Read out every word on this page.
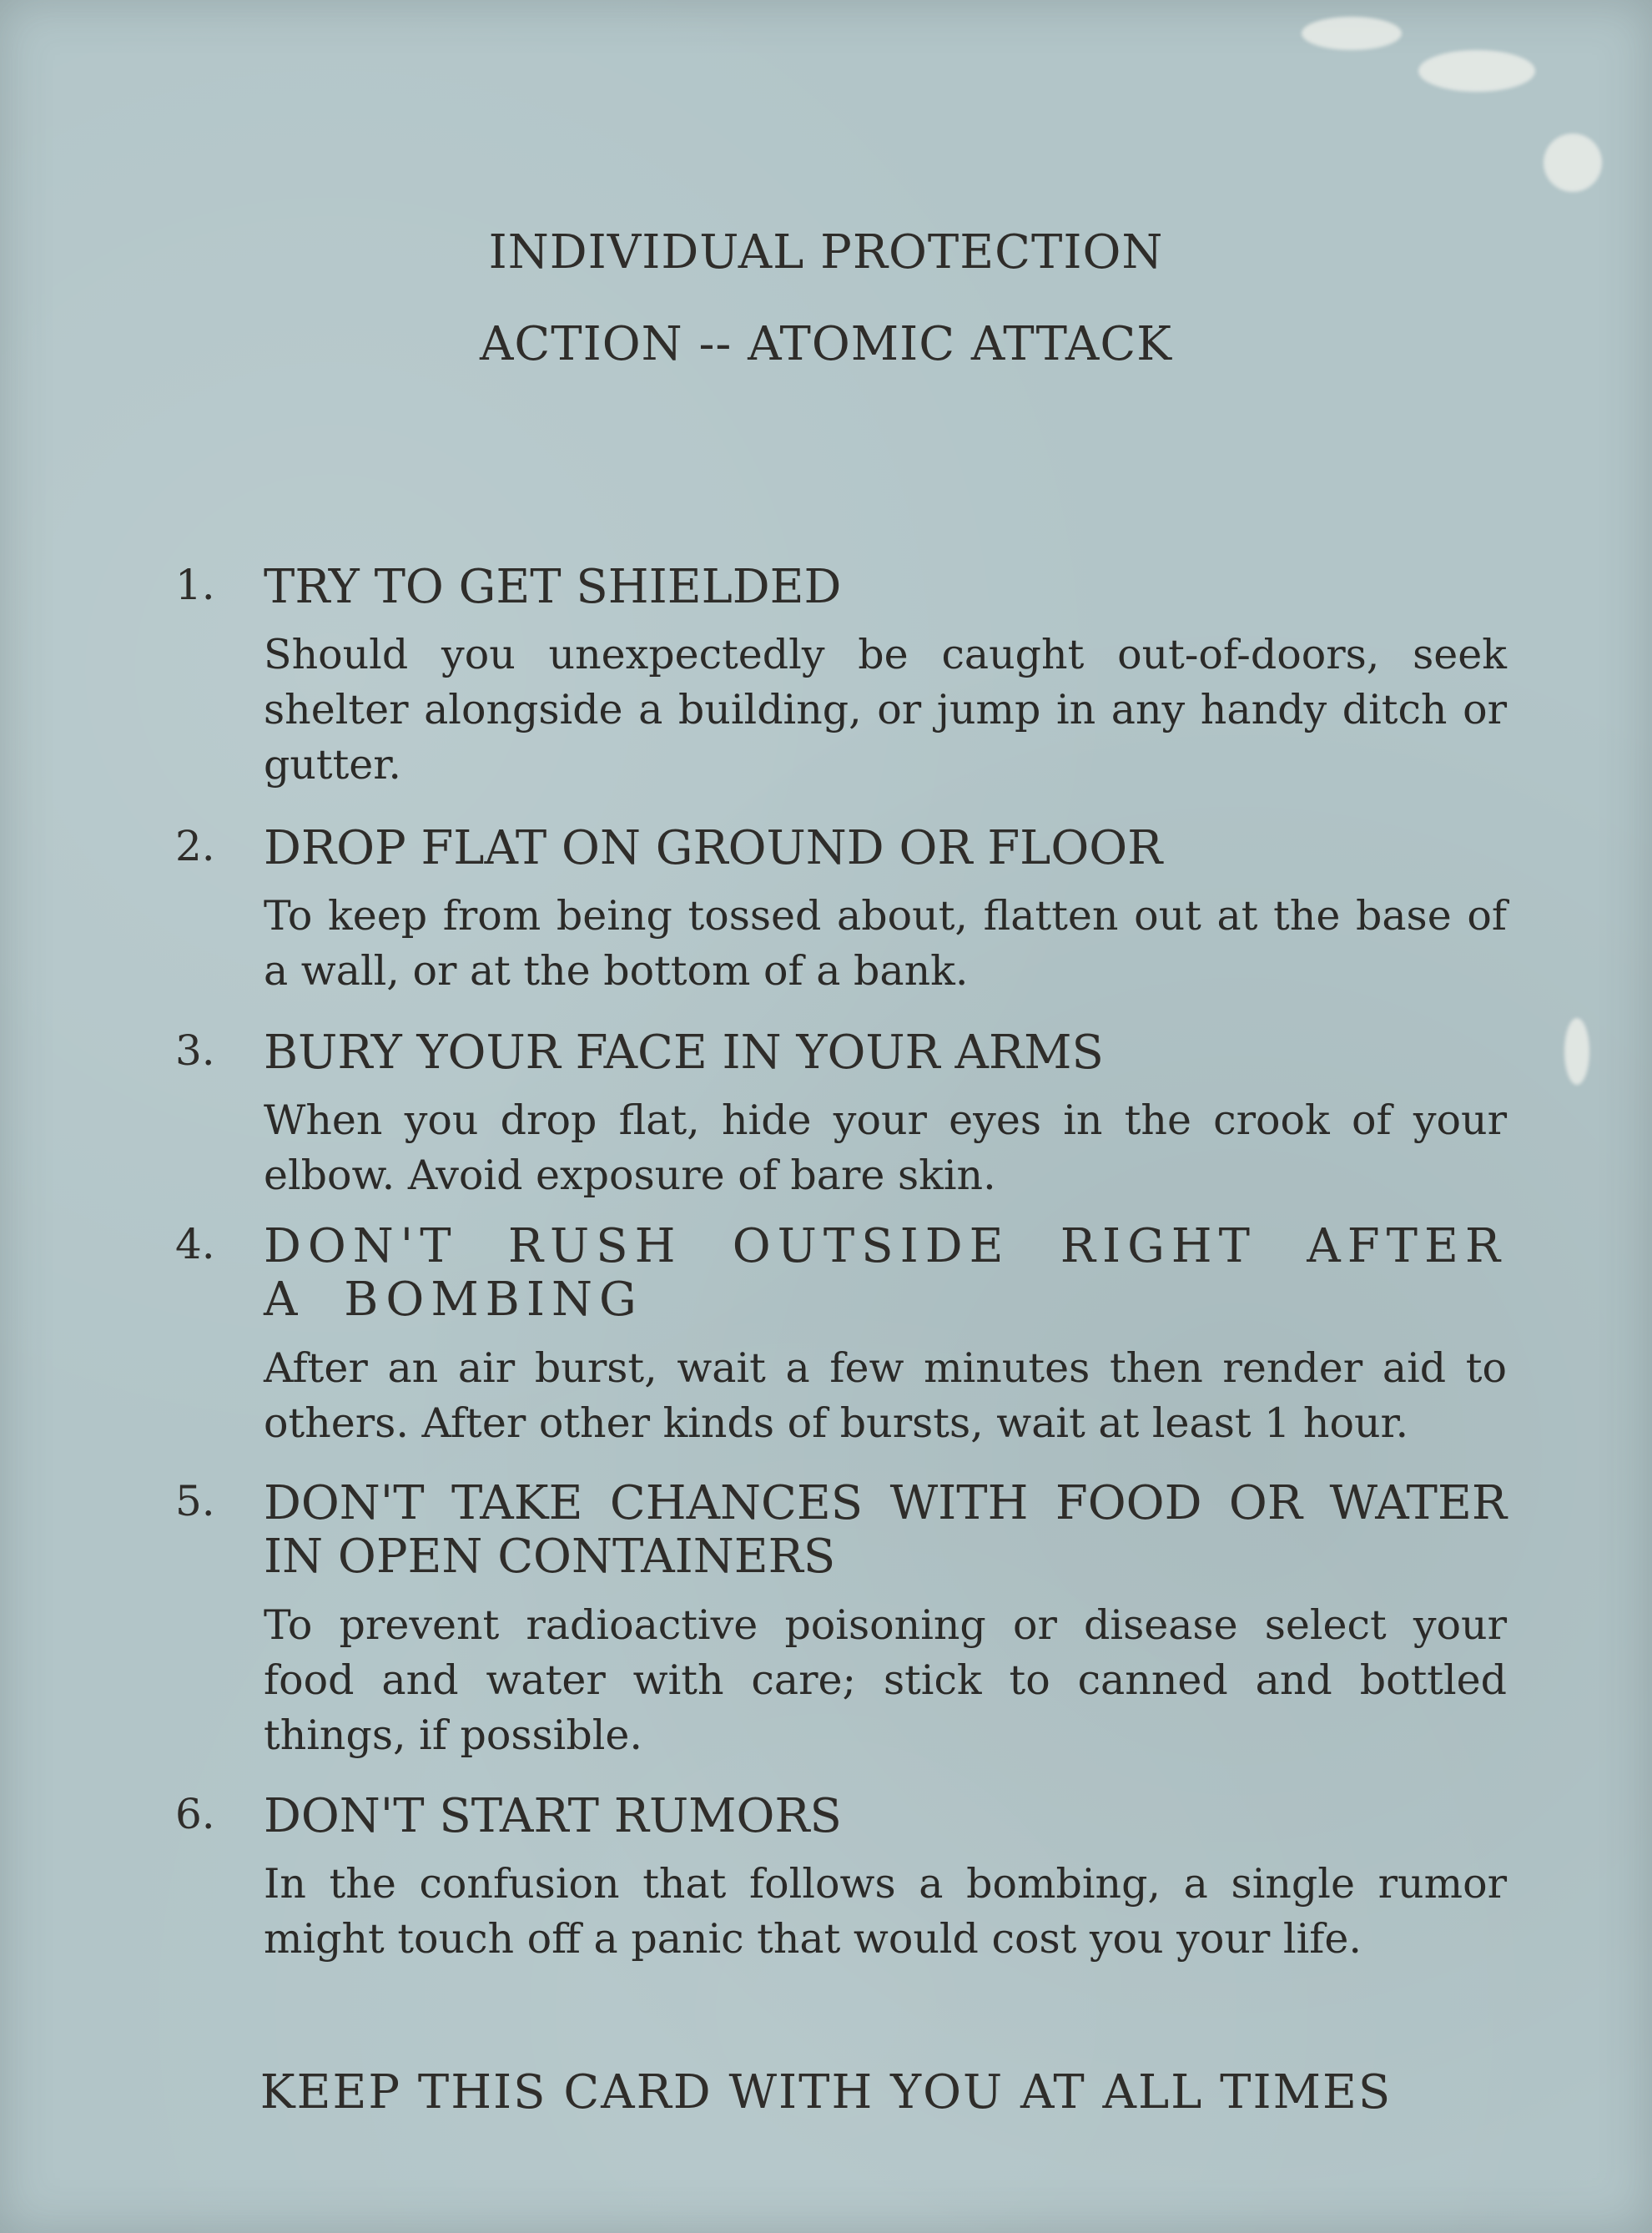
INDIVIDUAL PROTECTION
ACTION -- ATOMIC ATTACK
1. TRY TO GET SHIELDED
Should you unexpectedly be caught out-of-doors, seek shelter alongside a building, or jump in any handy ditch or gutter.
2. DROP FLAT ON GROUND OR FLOOR
To keep from being tossed about, flatten out at the base of a wall, or at the bottom of a bank.
3. BURY YOUR FACE IN YOUR ARMS
When you drop flat, hide your eyes in the crook of your elbow. Avoid exposure of bare skin.
4. DON'T RUSH OUTSIDE RIGHT AFTER A BOMBING
After an air burst, wait a few minutes then render aid to others. After other kinds of bursts, wait at least 1 hour.
5. DON'T TAKE CHANCES WITH FOOD OR WATER IN OPEN CONTAINERS
To prevent radioactive poisoning or disease select your food and water with care; stick to canned and bottled things, if possible.
6. DON'T START RUMORS
In the confusion that follows a bombing, a single rumor might touch off a panic that would cost you your life.
KEEP THIS CARD WITH YOU AT ALL TIMES
